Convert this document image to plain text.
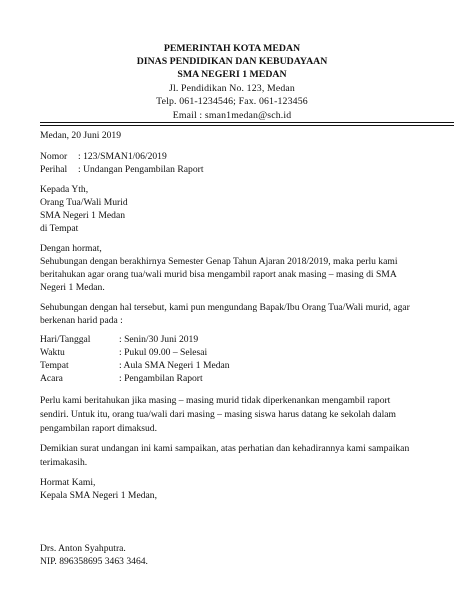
PEMERINTAH KOTA MEDAN
DINAS PENDIDIKAN DAN KEBUDAYAAN
SMA NEGERI 1 MEDAN
Jl. Pendidikan No. 123, Medan
Telp. 061-1234546; Fax. 061-123456
Email : sman1medan@sch.id
Medan, 20 Juni 2019
Nomor : 123/SMAN1/06/2019
Perihal : Undangan Pengambilan Raport
Kepada Yth,
Orang Tua/Wali Murid
SMA Negeri 1 Medan
di Tempat
Dengan hormat,
Sehubungan dengan berakhirnya Semester Genap Tahun Ajaran 2018/2019, maka perlu kami
beritahukan agar orang tua/wali murid bisa mengambil raport anak masing – masing di SMA
Negeri 1 Medan.
Sehubungan dengan hal tersebut, kami pun mengundang Bapak/Ibu Orang Tua/Wali murid, agar
berkenan harid pada :
Hari/Tanggal	: Senin/30 Juni 2019
Waktu	: Pukul 09.00 – Selesai
Tempat	: Aula SMA Negeri 1 Medan
Acara	: Pengambilan Raport
Perlu kami beritahukan jika masing – masing murid tidak diperkenankan mengambil raport
sendiri. Untuk itu, orang tua/wali dari masing – masing siswa harus datang ke sekolah dalam
pengambilan raport dimaksud.
Demikian surat undangan ini kami sampaikan, atas perhatian dan kehadirannya kami sampaikan
terimakasih.
Hormat Kami,
Kepala SMA Negeri 1 Medan,
Drs. Anton Syahputra.
NIP. 896358695 3463 3464.
